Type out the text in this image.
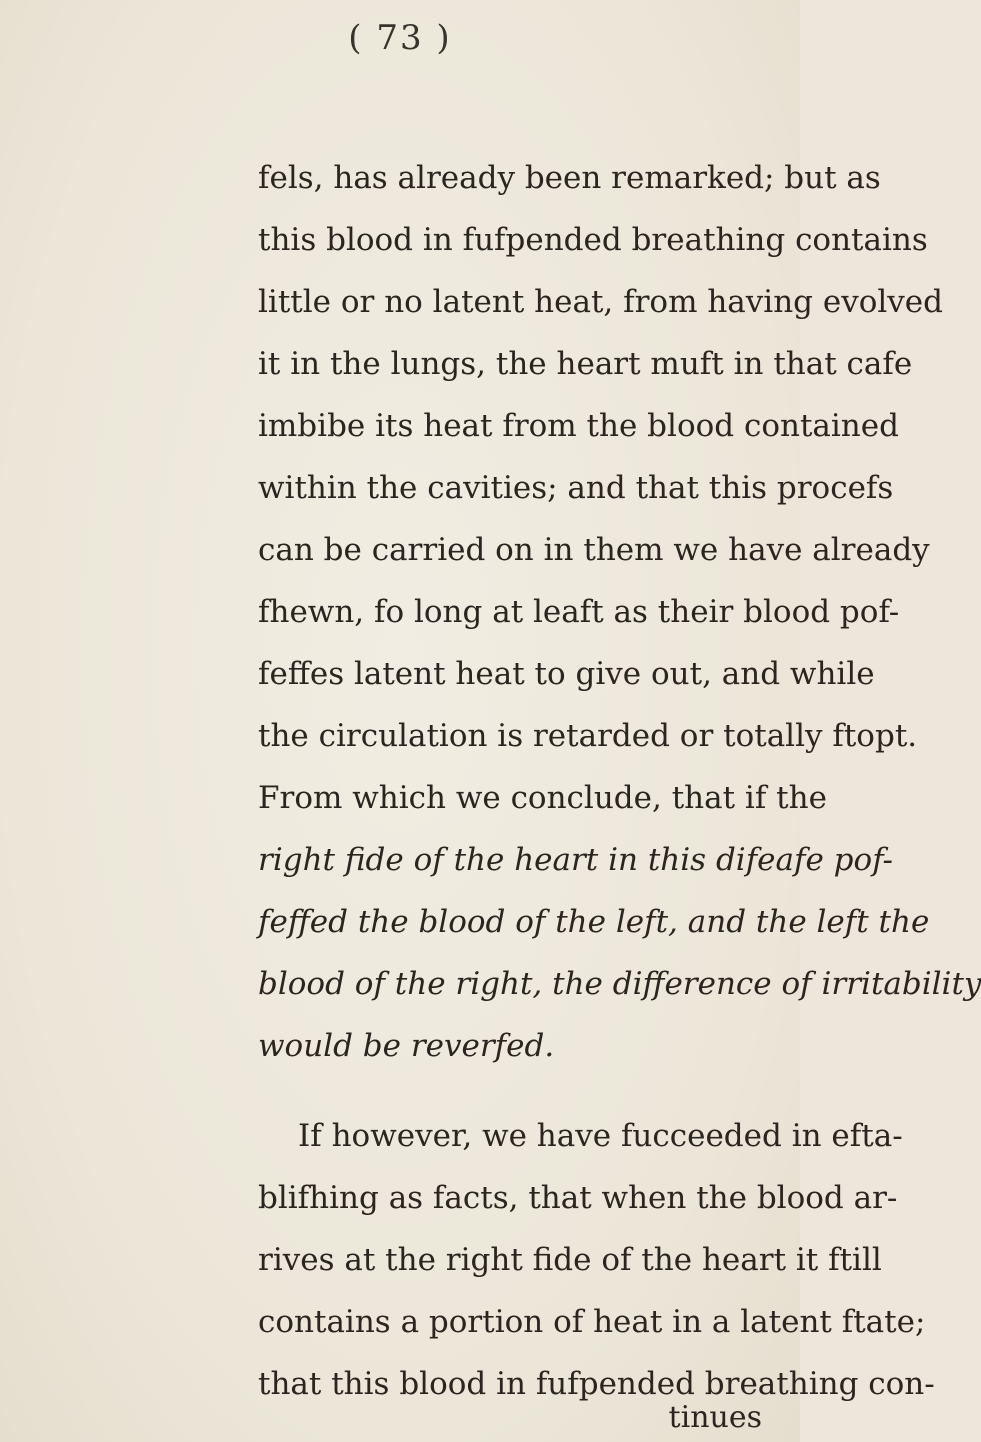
( 73 )
fels, has already been remarked; but as
this blood in fufpended breathing contains
little or no latent heat, from having evolved
it in the lungs, the heart muft in that cafe
imbibe its heat from the blood contained
within the cavities; and that this procefs
can be carried on in them we have already
fhewn, fo long at leaft as their blood pof-
feffes latent heat to give out, and while
the circulation is retarded or totally ftopt.
From which we conclude, that if the
right fide of the heart in this difeafe pof-
feffed the blood of the left, and the left the
blood of the right, the difference of irritability
would be reverfed.
If however, we have fucceeded in efta-
blifhing as facts, that when the blood ar-
rives at the right fide of the heart it ftill
contains a portion of heat in a latent ftate;
that this blood in fufpended breathing con-
tinues
